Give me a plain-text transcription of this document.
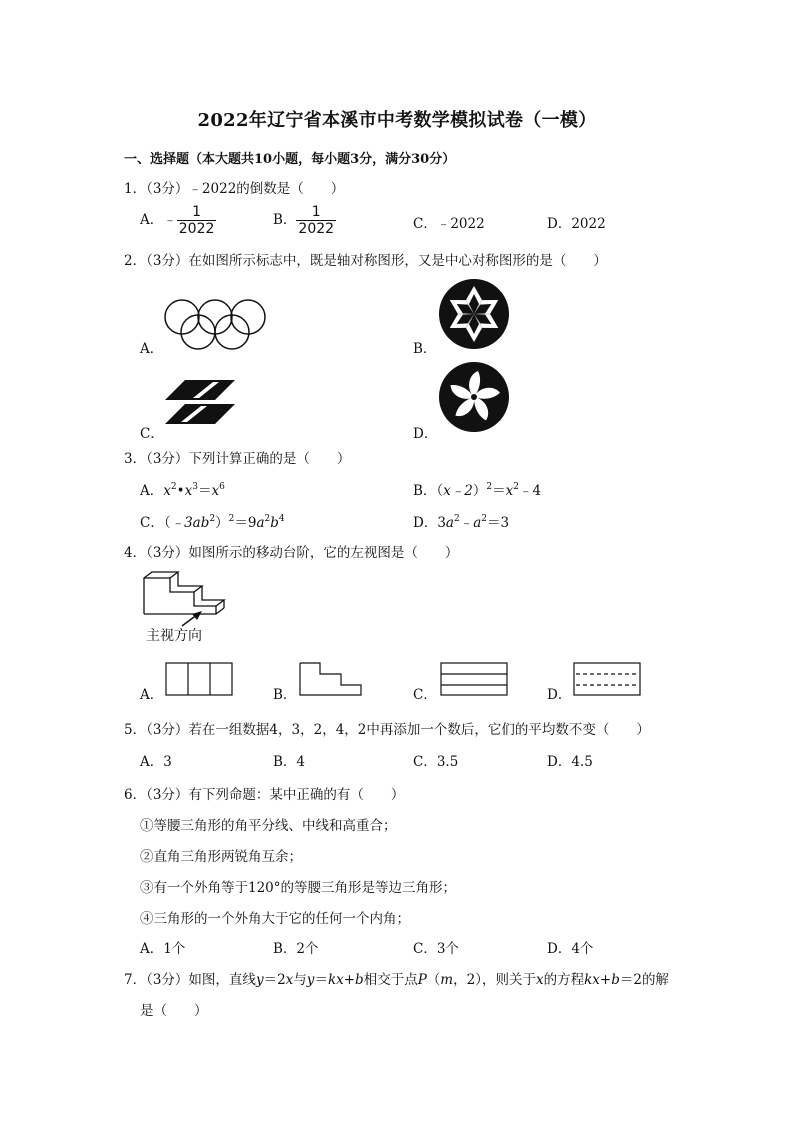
2022年辽宁省本溪市中考数学模拟试卷（一模）
一、选择题（本大题共10小题，每小题3分，满分30分）
1．（3分）﹣2022的倒数是（　　）
A．﹣ $\frac{1}{2022}$	B． $\frac{1}{2022}$	C．﹣2022	D．2022
2．（3分）在如图所示标志中，既是轴对称图形，又是中心对称图形的是（　　）
A．	B．
C．	D．
3．（3分）下列计算正确的是（　　）
A．$x^2•x^3=x^6$	B．$(x﹣2)^2=x^2﹣4$
C．$(﹣3ab^2)^2=9a^2b^4$	D．$3a^2﹣a^2=3$
4．（3分）如图所示的移动台阶，它的左视图是（　　）
主视方向
A．	B．	C．	D．
5．（3分）若在一组数据4，3，2，4，2中再添加一个数后，它们的平均数不变（　　）
A．3	B．4	C．3.5	D．4.5
6．（3分）有下列命题：某中正确的有（　　）
①等腰三角形的角平分线、中线和高重合；
②直角三角形两锐角互余；
③有一个外角等于120°的等腰三角形是等边三角形；
④三角形的一个外角大于它的任何一个内角；
A．1个	B．2个	C．3个	D．4个
7．（3分）如图，直线y＝2x与y＝kx+b相交于点P（m，2），则关于x的方程kx+b＝2的解
是（　　）
